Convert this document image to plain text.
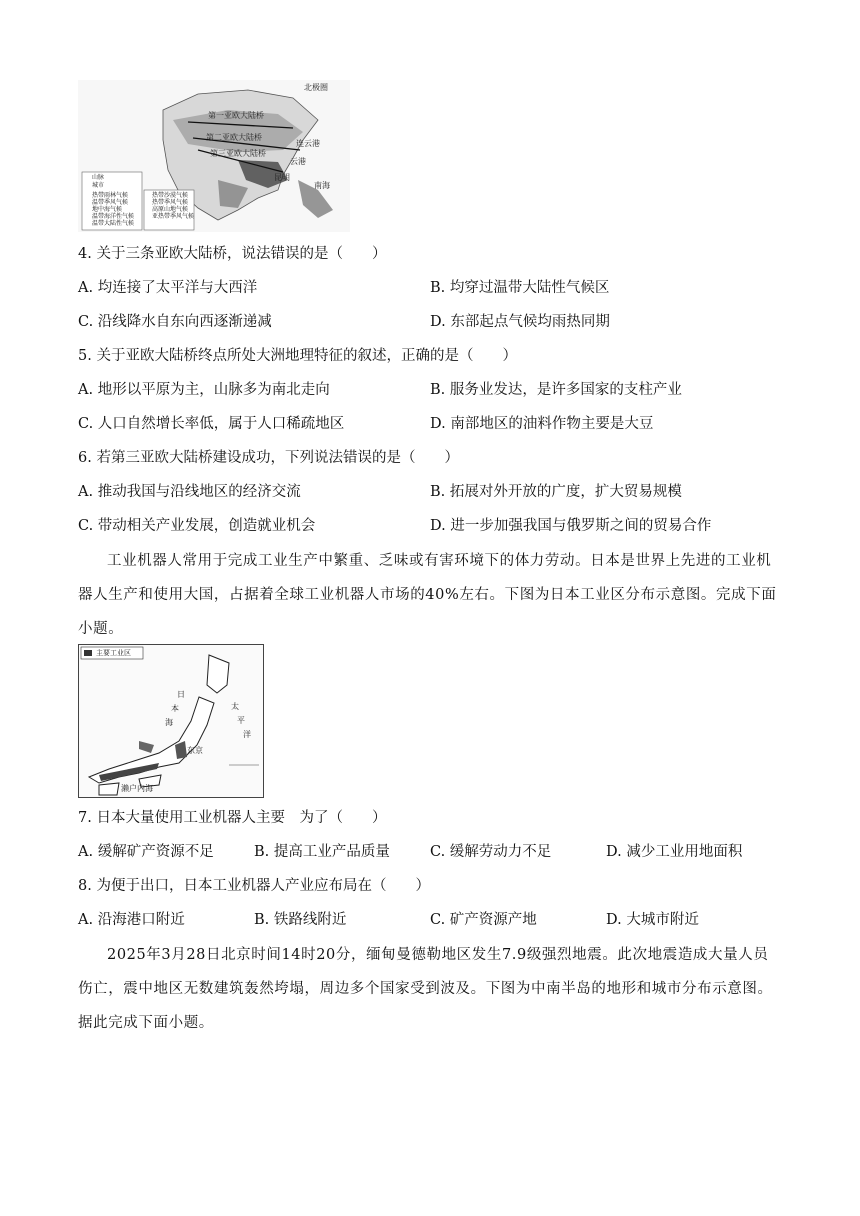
第一亚欧大陆桥
第二亚欧大陆桥
第三亚欧大陆桥
北极圈
连云港
云港
昆明
南海
山脉
城市
热带雨林气候
温带季风气候
地中海气候
温带海洋性气候
温带大陆性气候
热带沙漠气候
热带季风气候
高原山地气候
亚热带季风气候
4. 关于三条亚欧大陆桥，说法错误的是（　　）
A. 均连接了太平洋与大西洋	B. 均穿过温带大陆性气候区
C. 沿线降水自东向西逐渐递减	D. 东部起点气候均雨热同期
5. 关于亚欧大陆桥终点所处大洲地理特征的叙述，正确的是（　　）
A. 地形以平原为主，山脉多为南北走向	B. 服务业发达，是许多国家的支柱产业
C. 人口自然增长率低，属于人口稀疏地区	D. 南部地区的油料作物主要是大豆
6. 若第三亚欧大陆桥建设成功，下列说法错误的是（　　）
A. 推动我国与沿线地区的经济交流	B. 拓展对外开放的广度，扩大贸易规模
C. 带动相关产业发展，创造就业机会	D. 进一步加强我国与俄罗斯之间的贸易合作
工业机器人常用于完成工业生产中繁重、乏味或有害环境下的体力劳动。日本是世界上先进的工业机器人生产和使用大国，占据着全球工业机器人市场的40%左右。下图为日本工业区分布示意图。完成下面小题。
主要工业区
日
本
海
太
平
洋
东京
濑户内海
7. 日本大量使用工业机器人主要　为了（　　）
A. 缓解矿产资源不足	B. 提高工业产品质量	C. 缓解劳动力不足	D. 减少工业用地面积
8. 为便于出口，日本工业机器人产业应布局在（　　）
A. 沿海港口附近	B. 铁路线附近	C. 矿产资源产地	D. 大城市附近
2025年3月28日北京时间14时20分，缅甸曼德勒地区发生7.9级强烈地震。此次地震造成大量人员伤亡，震中地区无数建筑轰然垮塌，周边多个国家受到波及。下图为中南半岛的地形和城市分布示意图。据此完成下面小题。
